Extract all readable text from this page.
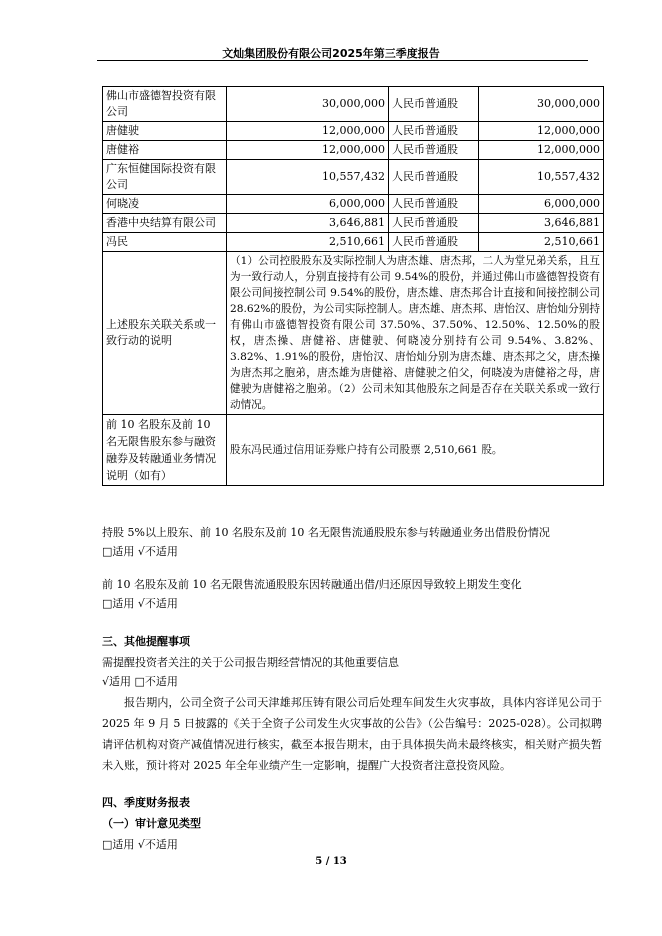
文灿集团股份有限公司2025年第三季度报告
佛山市盛德智投资有限公司	30,000,000	人民币普通股	30,000,000
唐健驶	12,000,000	人民币普通股	12,000,000
唐健裕	12,000,000	人民币普通股	12,000,000
广东恒健国际投资有限公司	10,557,432	人民币普通股	10,557,432
何晓凌	6,000,000	人民币普通股	6,000,000
香港中央结算有限公司	3,646,881	人民币普通股	3,646,881
冯民	2,510,661	人民币普通股	2,510,661
上述股东关联关系或一致行动的说明	（1）公司控股股东及实际控制人为唐杰雄、唐杰邦，二人为堂兄弟关系，且互为一致行动人，分别直接持有公司 9.54%的股份，并通过佛山市盛德智投资有限公司间接控制公司 9.54%的股份，唐杰雄、唐杰邦合计直接和间接控制公司 28.62%的股份，为公司实际控制人。唐杰雄、唐杰邦、唐怡汉、唐怡灿分别持有佛山市盛德智投资有限公司 37.50%、37.50%、12.50%、12.50%的股权，唐杰操、唐健裕、唐健驶、何晓凌分别持有公司 9.54%、3.82%、3.82%、1.91%的股份，唐怡汉、唐怡灿分别为唐杰雄、唐杰邦之父，唐杰操为唐杰邦之胞弟，唐杰雄为唐健裕、唐健驶之伯父，何晓凌为唐健裕之母，唐健驶为唐健裕之胞弟。（2）公司未知其他股东之间是否存在关联关系或一致行动情况。		
前 10 名股东及前 10 名无限售股东参与融资融券及转融通业务情况说明（如有）	股东冯民通过信用证券账户持有公司股票 2,510,661 股。		
持股 5%以上股东、前 10 名股东及前 10 名无限售流通股股东参与转融通业务出借股份情况
□适用 √不适用
前 10 名股东及前 10 名无限售流通股股东因转融通出借/归还原因导致较上期发生变化
□适用 √不适用
三、其他提醒事项
需提醒投资者关注的关于公司报告期经营情况的其他重要信息
√适用 □不适用
报告期内，公司全资子公司天津雄邦压铸有限公司后处理车间发生火灾事故，具体内容详见公司于 2025 年 9 月 5 日披露的《关于全资子公司发生火灾事故的公告》（公告编号：2025-028）。公司拟聘请评估机构对资产减值情况进行核实，截至本报告期末，由于具体损失尚未最终核实，相关财产损失暂未入账，预计将对 2025 年全年业绩产生一定影响，提醒广大投资者注意投资风险。
四、季度财务报表
（一）审计意见类型
□适用 √不适用
5 / 13
